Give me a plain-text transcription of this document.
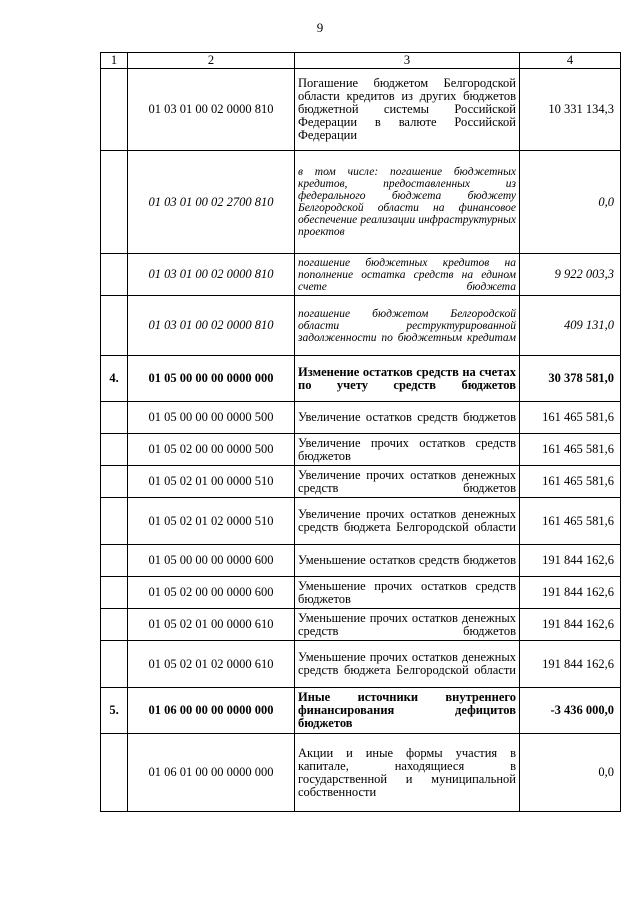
9
1	2	3	4
	01 03 01 00 02 0000 810	Погашение бюджетом Белгородской области кредитов из других бюджетов бюджетной системы Российской Федерации в валюте Российской Федерации	10 331 134,3
	01 03 01 00 02 2700 810	в том числе: погашение бюджетных кредитов, предоставленных из федерального бюджета бюджету Белгородской области на финансовое обеспечение реализации инфраструктурных проектов	0,0
	01 03 01 00 02 0000 810	погашение бюджетных кредитов на пополнение остатка средств на едином счете бюджета	9 922 003,3
	01 03 01 00 02 0000 810	погашение бюджетом Белгородской области реструктурированной задолженности по бюджетным кредитам	409 131,0
4.	01 05 00 00 00 0000 000	Изменение остатков средств на счетах по учету средств бюджетов	30 378 581,0
	01 05 00 00 00 0000 500	Увеличение остатков средств бюджетов	161 465 581,6
	01 05 02 00 00 0000 500	Увеличение прочих остатков средств бюджетов	161 465 581,6
	01 05 02 01 00 0000 510	Увеличение прочих остатков денежных средств бюджетов	161 465 581,6
	01 05 02 01 02 0000 510	Увеличение прочих остатков денежных средств бюджета Белгородской области	161 465 581,6
	01 05 00 00 00 0000 600	Уменьшение остатков средств бюджетов	191 844 162,6
	01 05 02 00 00 0000 600	Уменьшение прочих остатков средств бюджетов	191 844 162,6
	01 05 02 01 00 0000 610	Уменьшение прочих остатков денежных средств бюджетов	191 844 162,6
	01 05 02 01 02 0000 610	Уменьшение прочих остатков денежных средств бюджета Белгородской области	191 844 162,6
5.	01 06 00 00 00 0000 000	Иные источники внутреннего финансирования дефицитов бюджетов	-3 436 000,0
	01 06 01 00 00 0000 000	Акции и иные формы участия в капитале, находящиеся в государственной и муниципальной собственности	0,0
